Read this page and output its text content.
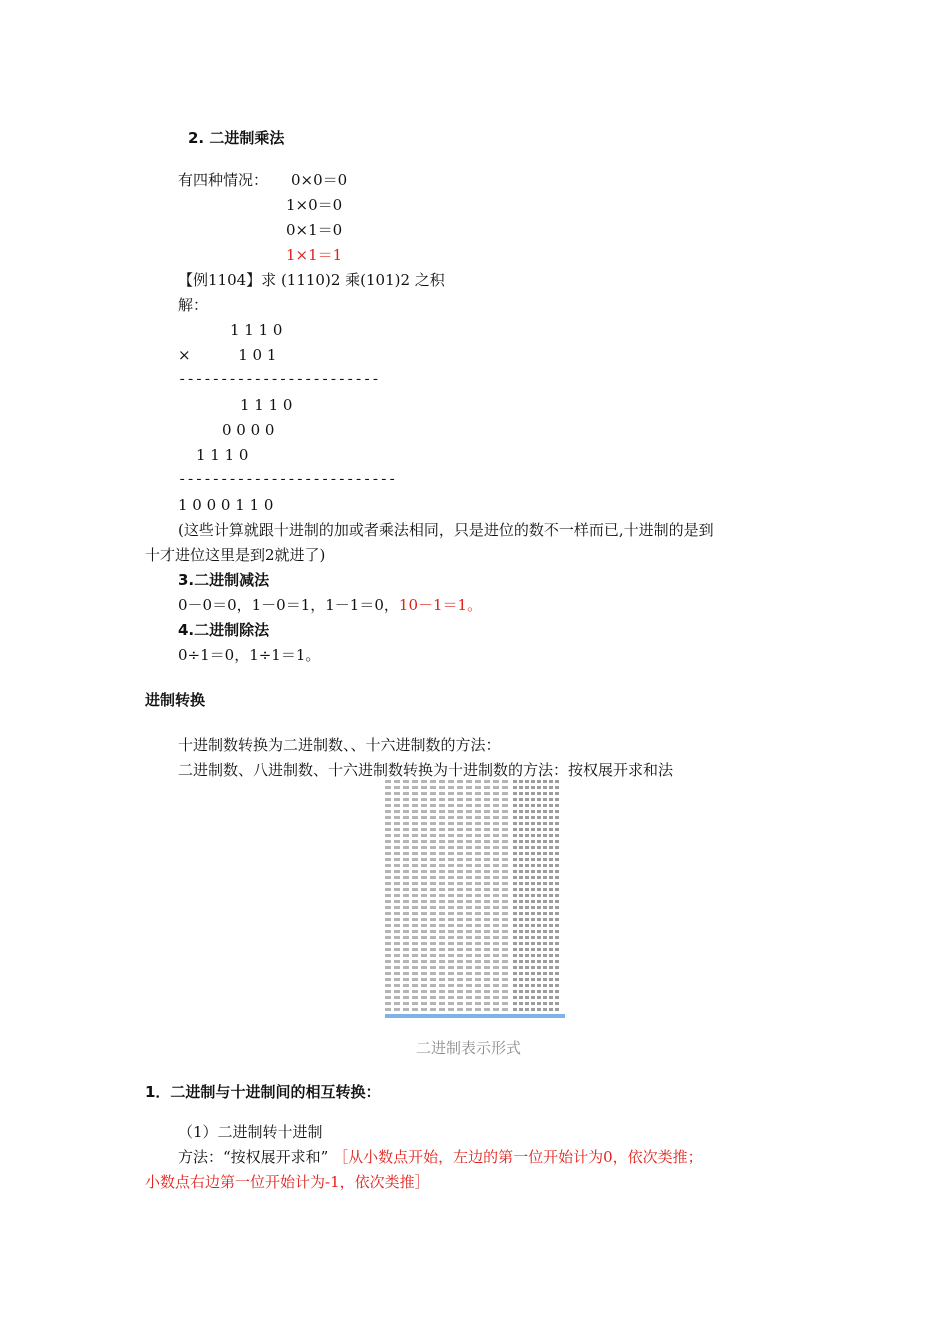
2. 二进制乘法
有四种情况： 0×0＝0
1×0＝0
0×1＝0
1×1＝1
【例1104】求 (1110)2 乘(101)2 之积
解：
1 1 1 0
×          1 0 1
------------------------
1 1 1 0
0 0 0 0
1 1 1 0
--------------------------
1 0 0 0 1 1 0
(这些计算就跟十进制的加或者乘法相同，只是进位的数不一样而已,十进制的是到
十才进位这里是到2就进了)
3.二进制减法
0－0＝0，1－0＝1，1－1＝0，10－1＝1。
4.二进制除法
0÷1＝0，1÷1＝1。
进制转换
十进制数转换为二进制数、、十六进制数的方法：
二进制数、八进制数、十六进制数转换为十进制数的方法：按权展开求和法
二进制表示形式
1．二进制与十进制间的相互转换：
（1）二进制转十进制
方法：“按权展开求和” ［从小数点开始，左边的第一位开始计为0，依次类推；
小数点右边第一位开始计为-1，依次类推］
